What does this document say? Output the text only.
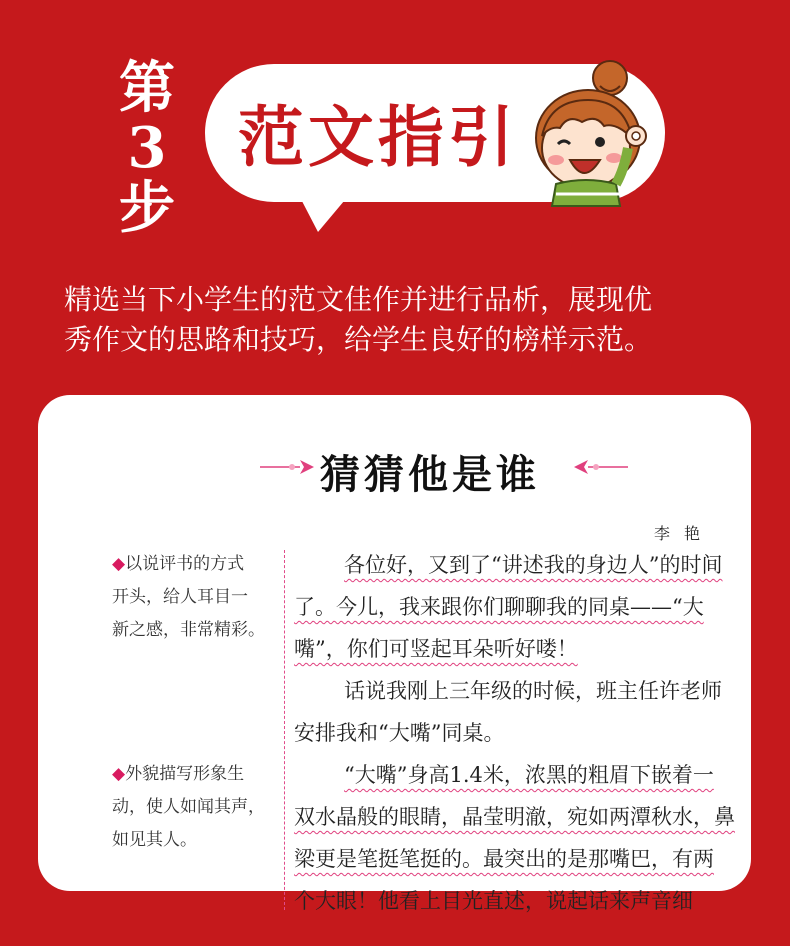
第
3
步
范文指引

精选当下小学生的范文佳作并进行品析，展现优

秀作文的思路和技巧，给学生良好的榜样示范。

猜猜他是谁
李艳
◆以说评书的方式
开头，给人耳目一
新之感，非常精彩。
◆外貌描写形象生
动，使人如闻其声，
如见其人。
各位好，又到了“讲述我的身边人”的时间
了。今儿，我来跟你们聊聊我的同桌——“大
嘴”，你们可竖起耳朵听好喽！
话说我刚上三年级的时候，班主任许老师
安排我和“大嘴”同桌。
“大嘴”身高1.4米，浓黑的粗眉下嵌着一
双水晶般的眼睛，晶莹明澈，宛如两潭秋水，鼻
梁更是笔挺笔挺的。最突出的是那嘴巴，有两
个大眼！他看上目光直述，说起话来声音细
